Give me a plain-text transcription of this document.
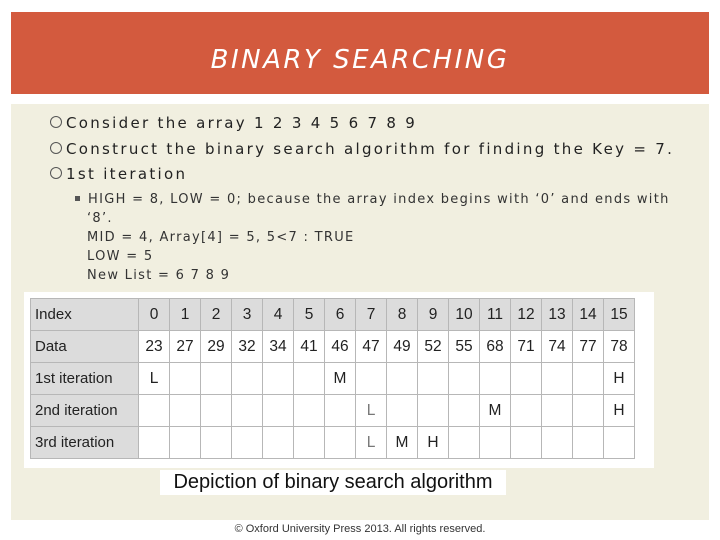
BINARY SEARCHING
Consider the array 1 2 3 4 5 6 7 8 9
Construct the binary search algorithm for finding the Key = 7.
1st iteration
HIGH = 8, LOW = 0; because the array index begins with ‘0’ and ends with
‘8’.
MID = 4, Array[4] = 5, 5<7 : TRUE
LOW = 5
New List = 6 7 8 9
Index	0	1	2	3	4	5	6	7	8	9	10	11	12	13	14	15
Data	23	27	29	32	34	41	46	47	49	52	55	68	71	74	77	78
1st iteration	L						M									H
2nd iteration								L				M				H
3rd iteration								L	M	H						
Depiction of binary search algorithm
© Oxford University Press 2013. All rights reserved.
